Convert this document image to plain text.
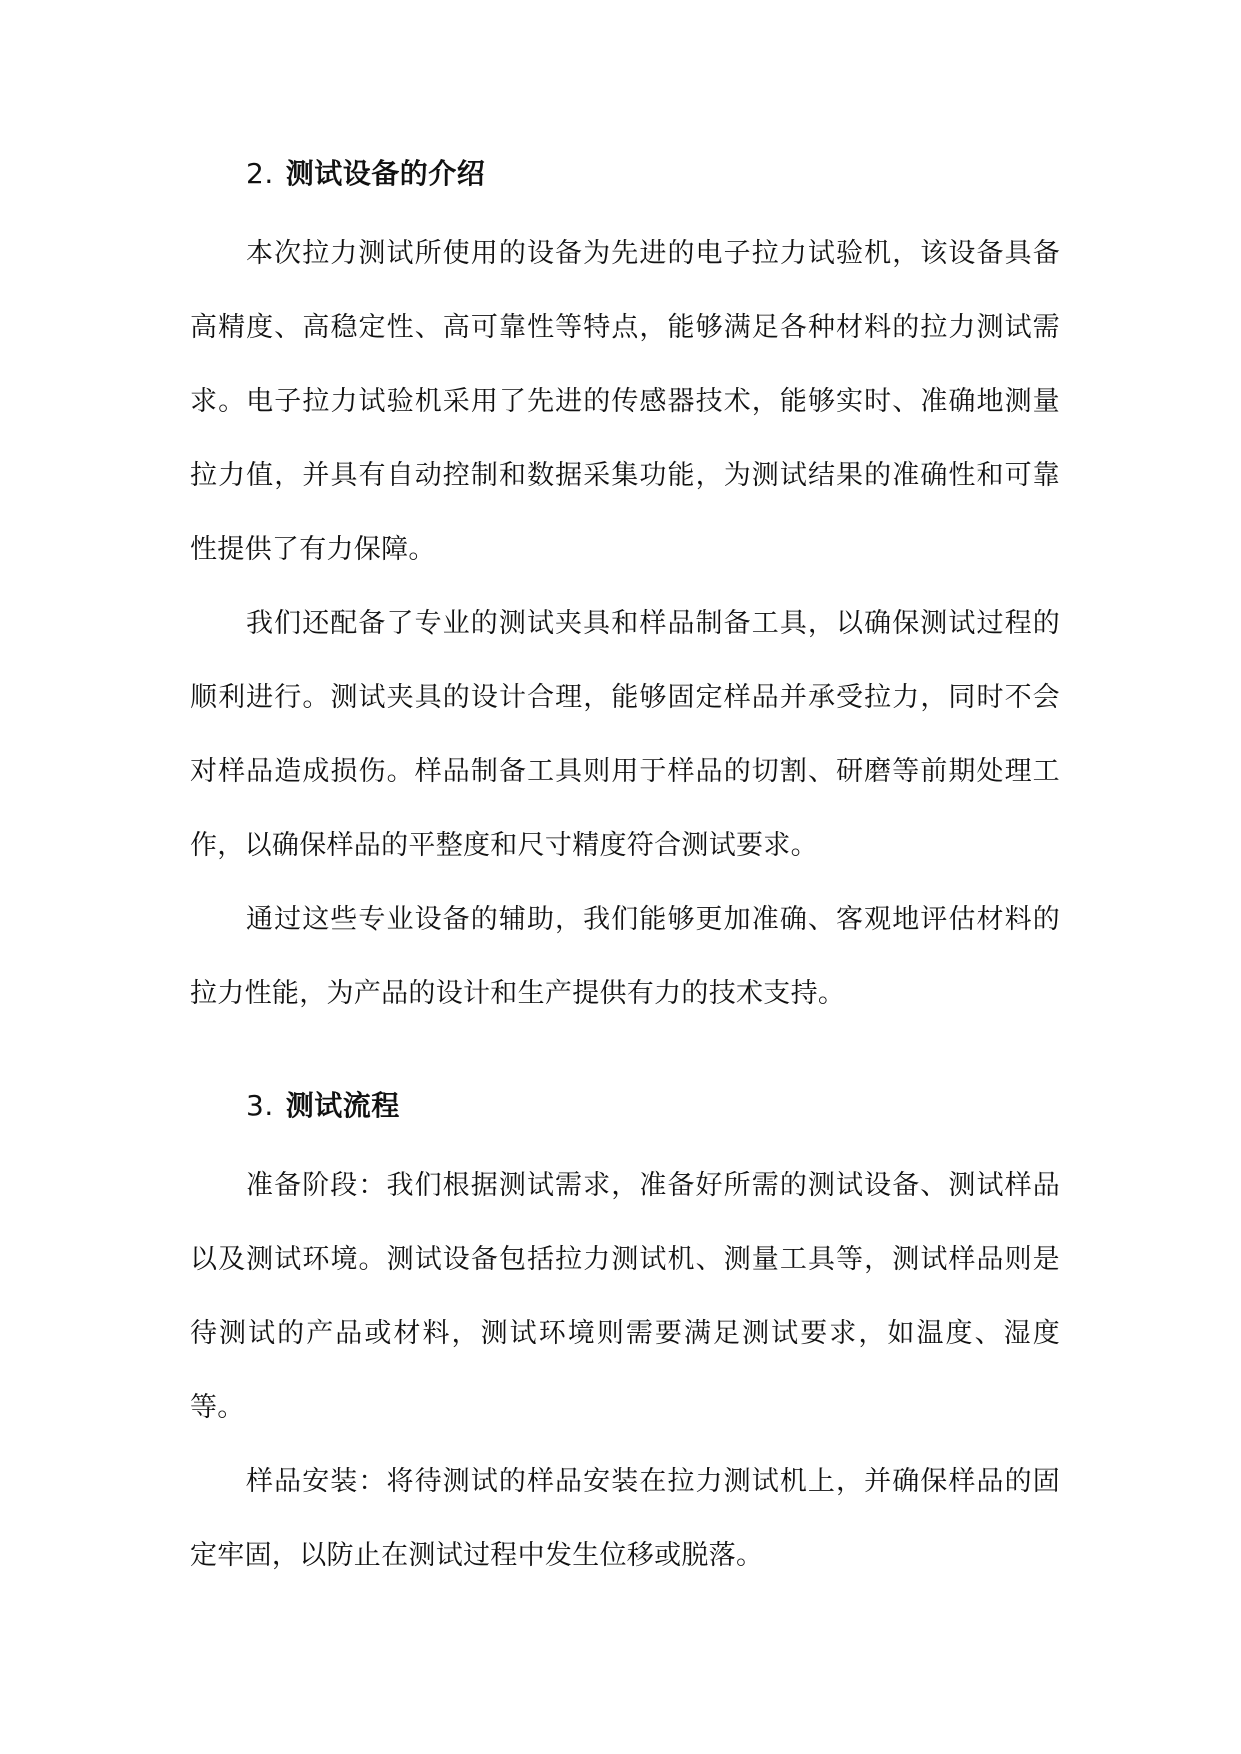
2. 测试设备的介绍

本次拉力测试所使用的设备为先进的电子拉力试验机，该设备具备高精度、高稳定性、高可靠性等特点，能够满足各种材料的拉力测试需求。电子拉力试验机采用了先进的传感器技术，能够实时、准确地测量拉力值，并具有自动控制和数据采集功能，为测试结果的准确性和可靠性提供了有力保障。

我们还配备了专业的测试夹具和样品制备工具，以确保测试过程的顺利进行。测试夹具的设计合理，能够固定样品并承受拉力，同时不会对样品造成损伤。样品制备工具则用于样品的切割、研磨等前期处理工作，以确保样品的平整度和尺寸精度符合测试要求。

通过这些专业设备的辅助，我们能够更加准确、客观地评估材料的拉力性能，为产品的设计和生产提供有力的技术支持。

3. 测试流程

准备阶段：我们根据测试需求，准备好所需的测试设备、测试样品以及测试环境。测试设备包括拉力测试机、测量工具等，测试样品则是待测试的产品或材料，测试环境则需要满足测试要求，如温度、湿度等。

样品安装：将待测试的样品安装在拉力测试机上，并确保样品的固定牢固，以防止在测试过程中发生位移或脱落。
